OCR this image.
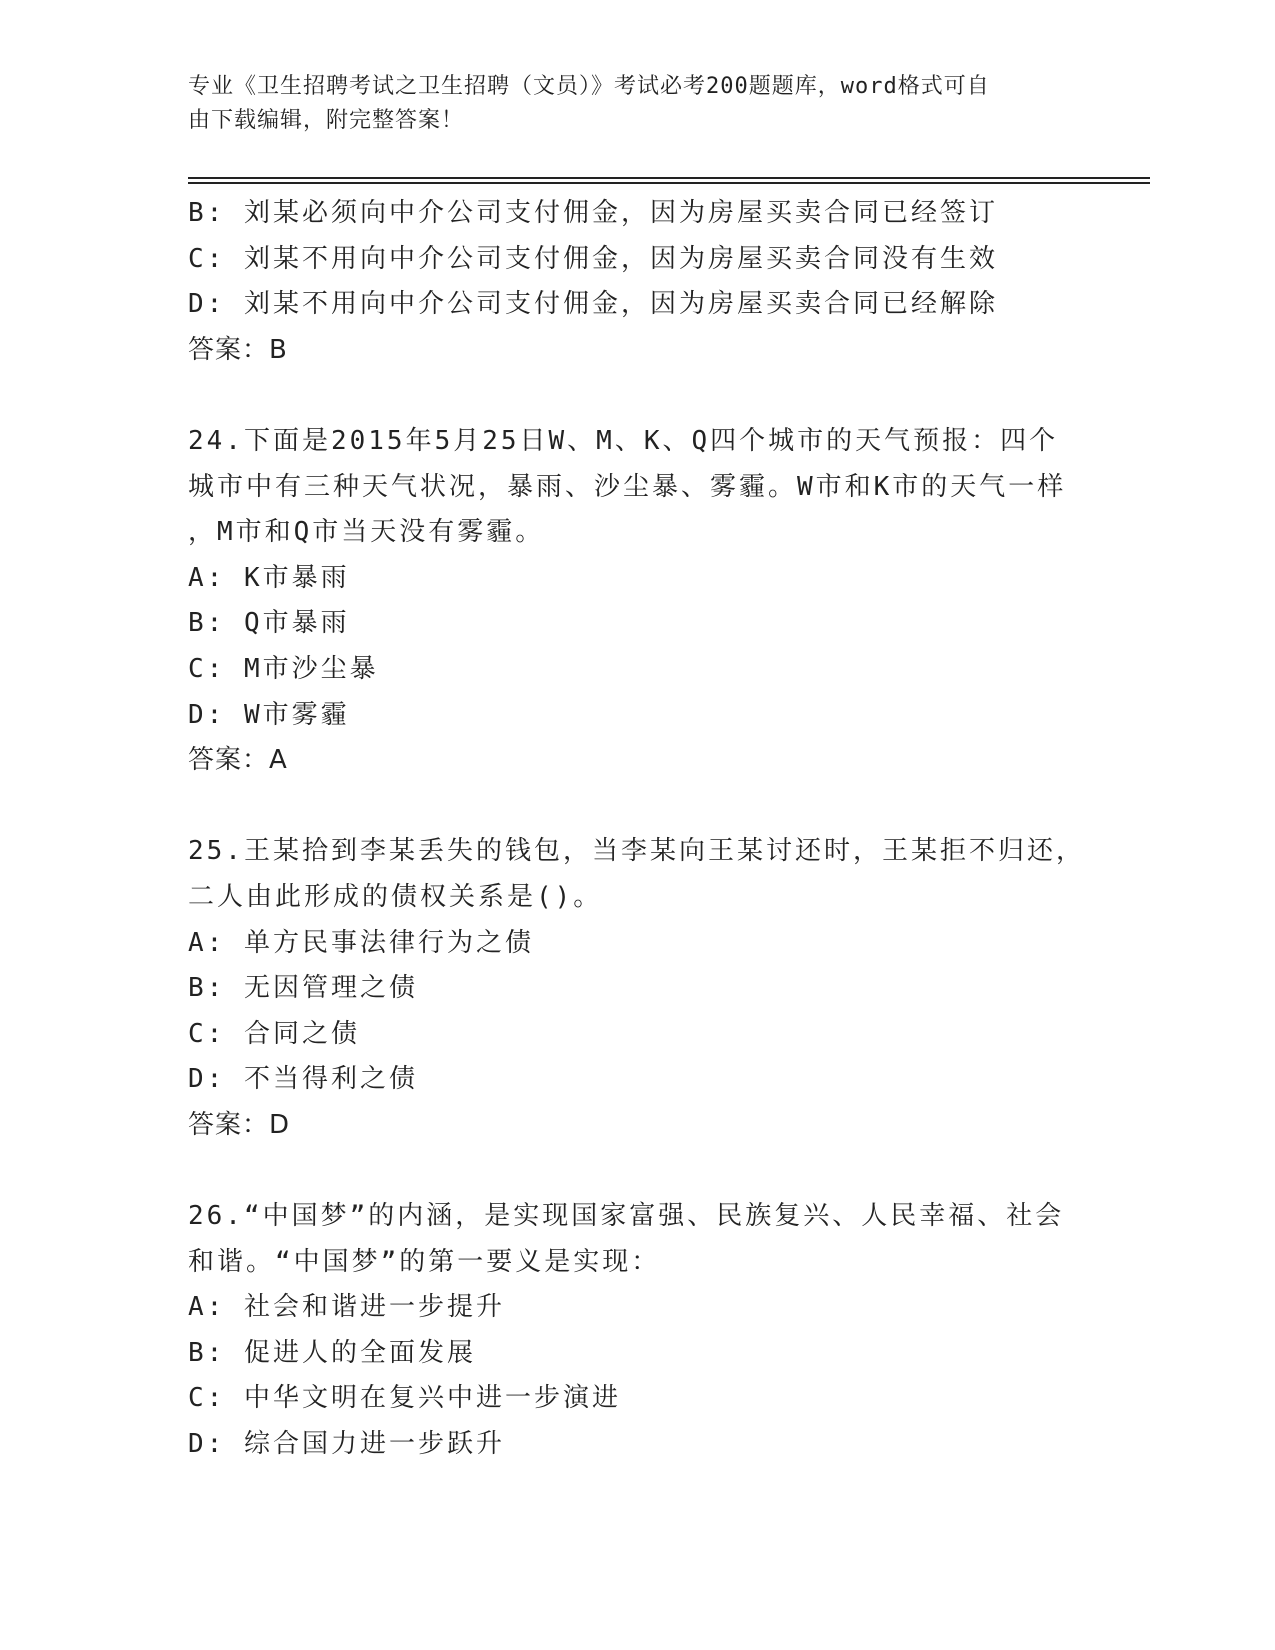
专业《卫生招聘考试之卫生招聘（文员）》考试必考200题题库，word格式可自
由下载编辑，附完整答案！
B: 刘某必须向中介公司支付佣金，因为房屋买卖合同已经签订
C: 刘某不用向中介公司支付佣金，因为房屋买卖合同没有生效
D: 刘某不用向中介公司支付佣金，因为房屋买卖合同已经解除
答案：B
24.下面是2015年5月25日W、M、K、Q四个城市的天气预报：四个
城市中有三种天气状况，暴雨、沙尘暴、雾霾。W市和K市的天气一样
，M市和Q市当天没有雾霾。
A: K市暴雨
B: Q市暴雨
C: M市沙尘暴
D: W市雾霾
答案：A
25.王某拾到李某丢失的钱包，当李某向王某讨还时，王某拒不归还，
二人由此形成的债权关系是()。
A: 单方民事法律行为之债
B: 无因管理之债
C: 合同之债
D: 不当得利之债
答案：D
26.“中国梦”的内涵，是实现国家富强、民族复兴、人民幸福、社会
和谐。“中国梦”的第一要义是实现：
A: 社会和谐进一步提升
B: 促进人的全面发展
C: 中华文明在复兴中进一步演进
D: 综合国力进一步跃升
